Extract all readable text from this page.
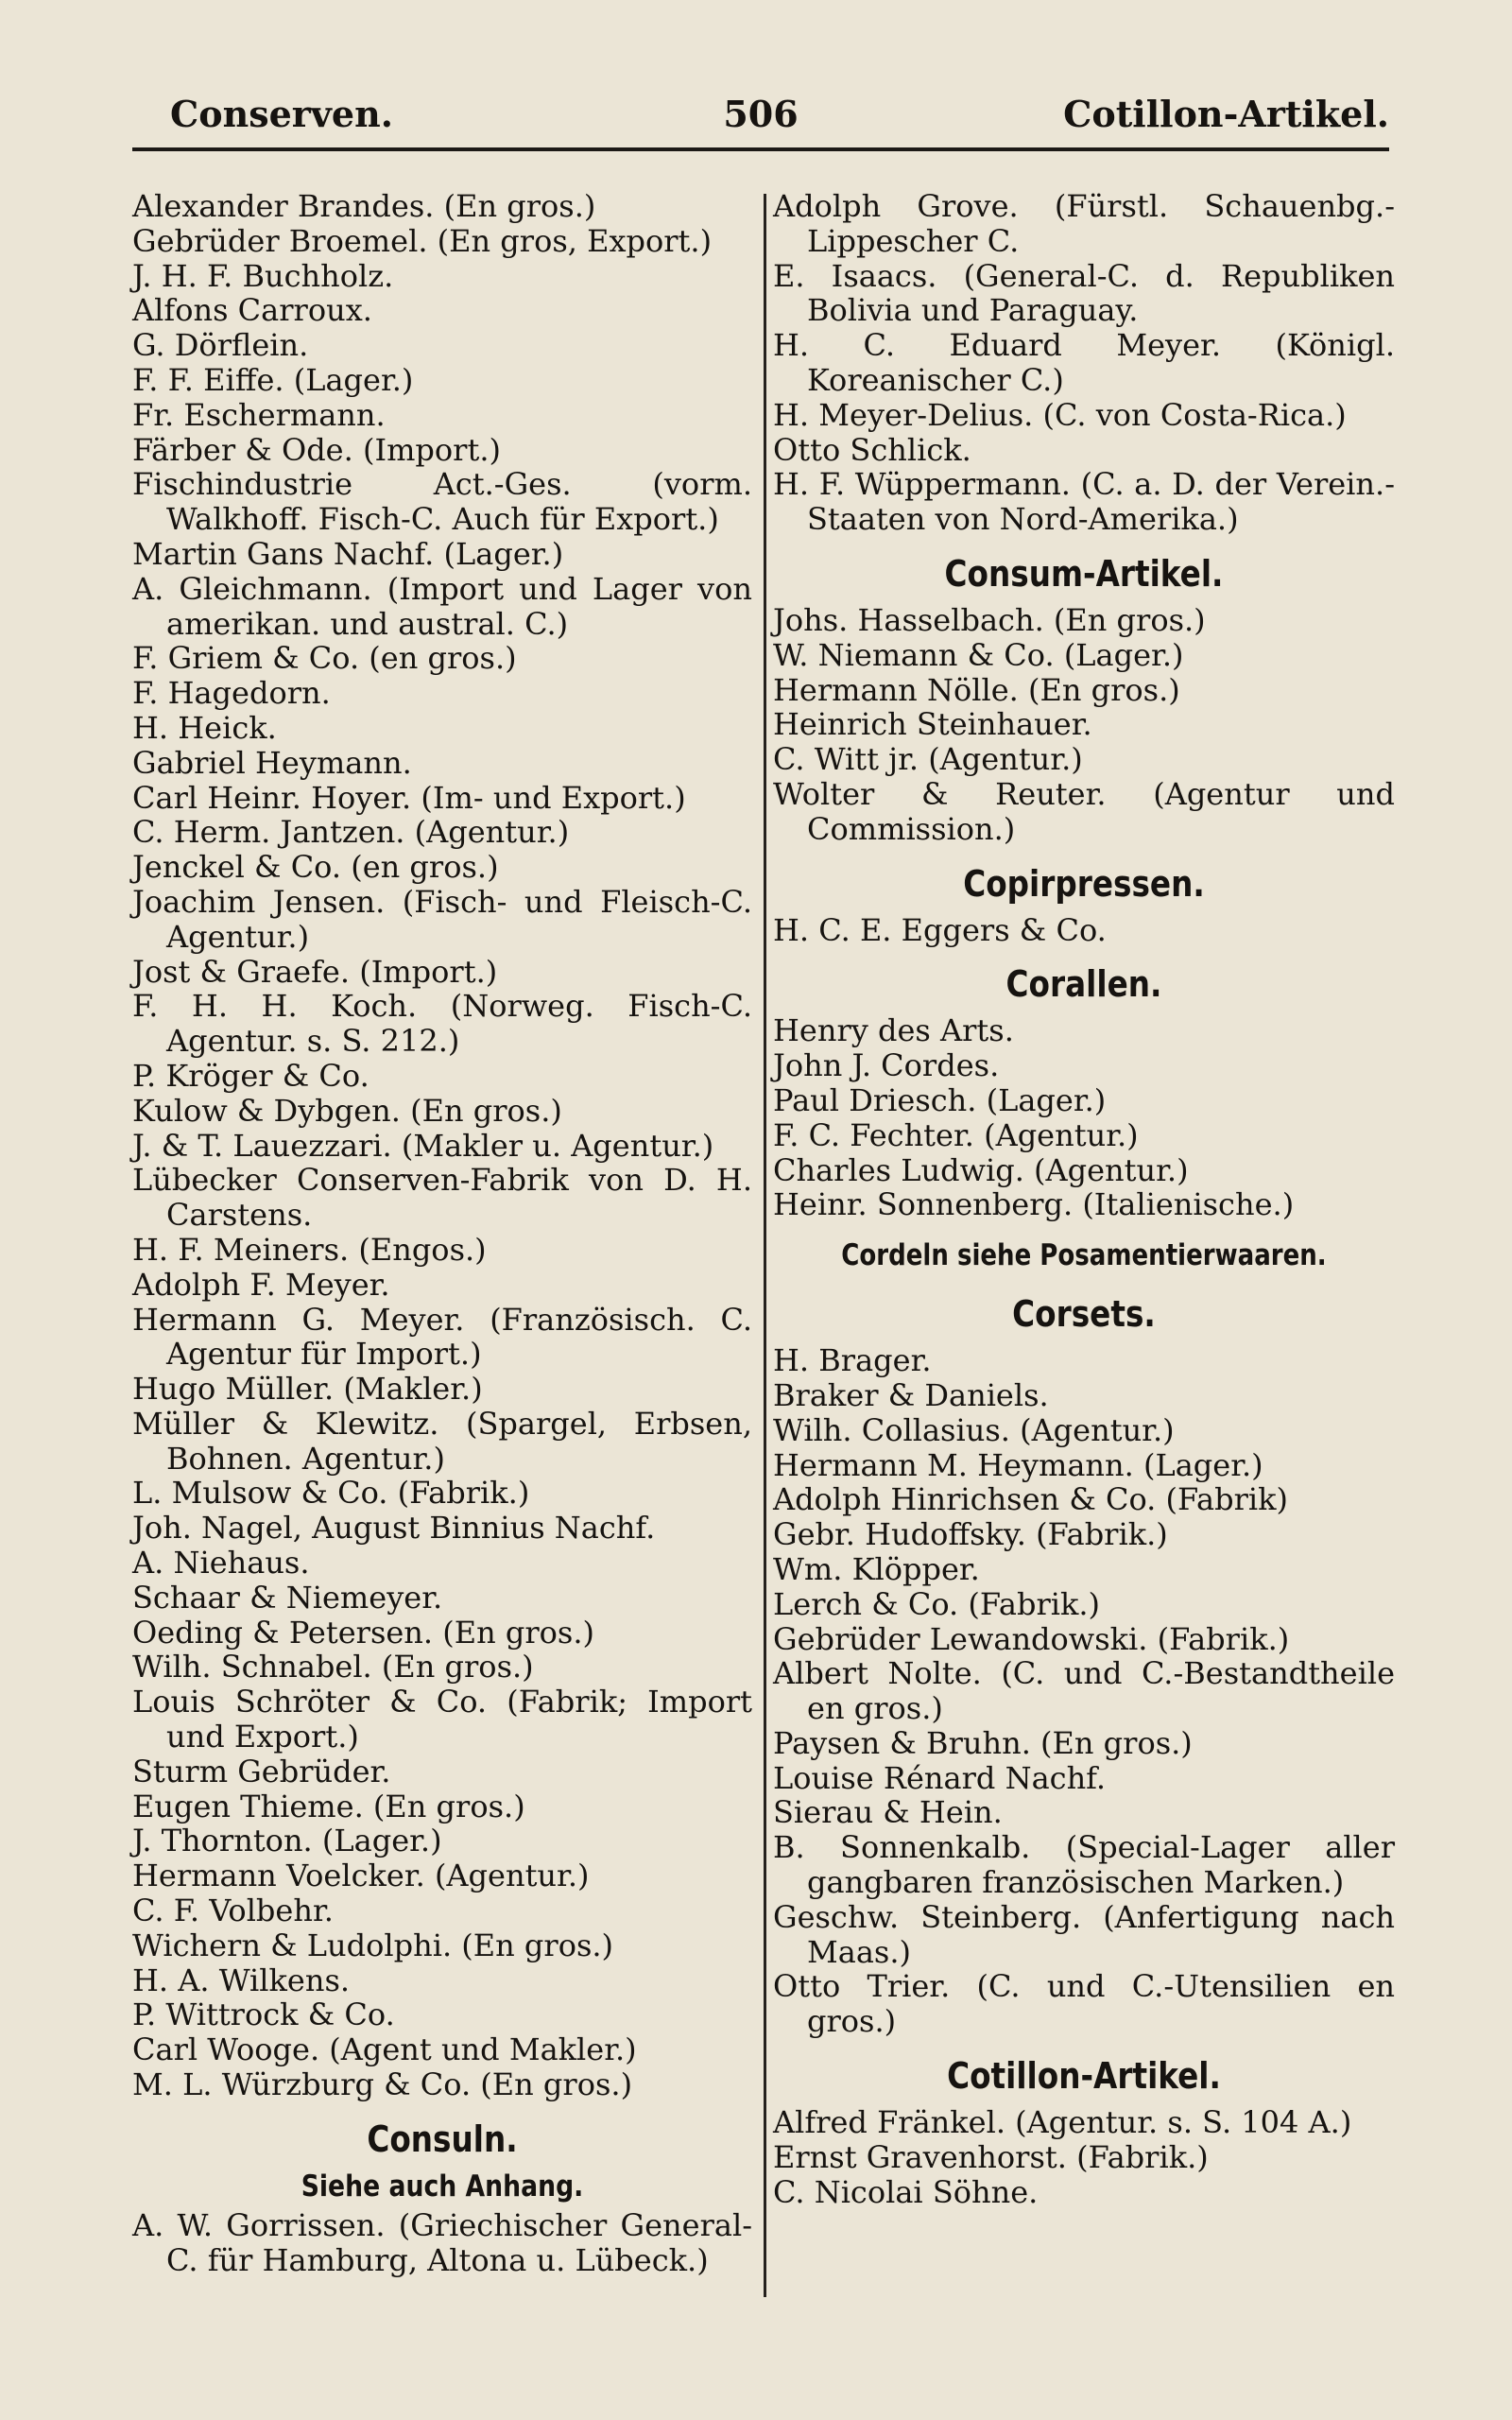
Conserven.	506	Cotillon-Artikel.
Alexander Brandes. (En gros.)
Gebrüder Broemel. (En gros, Export.)
J. H. F. Buchholz.
Alfons Carroux.
G. Dörflein.
F. F. Eiffe. (Lager.)
Fr. Eschermann.
Färber & Ode. (Import.)
Fischindustrie Act.-Ges. (vorm. Walkhoff. Fisch-C. Auch für Export.)
Martin Gans Nachf. (Lager.)
A. Gleichmann. (Import und Lager von amerikan. und austral. C.)
F. Griem & Co. (en gros.)
F. Hagedorn.
H. Heick.
Gabriel Heymann.
Carl Heinr. Hoyer. (Im- und Export.)
C. Herm. Jantzen. (Agentur.)
Jenckel & Co. (en gros.)
Joachim Jensen. (Fisch- und Fleisch-C. Agentur.)
Jost & Graefe. (Import.)
F. H. H. Koch. (Norweg. Fisch-C. Agentur. s. S. 212.)
P. Kröger & Co.
Kulow & Dybgen. (En gros.)
J. & T. Lauezzari. (Makler u. Agentur.)
Lübecker Conserven-Fabrik von D. H. Carstens.
H. F. Meiners. (Engos.)
Adolph F. Meyer.
Hermann G. Meyer. (Französisch. C. Agentur für Import.)
Hugo Müller. (Makler.)
Müller & Klewitz. (Spargel, Erbsen, Bohnen. Agentur.)
L. Mulsow & Co. (Fabrik.)
Joh. Nagel, August Binnius Nachf.
A. Niehaus.
Schaar & Niemeyer.
Oeding & Petersen. (En gros.)
Wilh. Schnabel. (En gros.)
Louis Schröter & Co. (Fabrik; Import und Export.)
Sturm Gebrüder.
Eugen Thieme. (En gros.)
J. Thornton. (Lager.)
Hermann Voelcker. (Agentur.)
C. F. Volbehr.
Wichern & Ludolphi. (En gros.)
H. A. Wilkens.
P. Wittrock & Co.
Carl Wooge. (Agent und Makler.)
M. L. Würzburg & Co. (En gros.)
Consuln.
Siehe auch Anhang.
A. W. Gorrissen. (Griechischer General-C. für Hamburg, Altona u. Lübeck.)
Adolph Grove. (Fürstl. Schauenbg.-Lippescher C.
E. Isaacs. (General-C. d. Republiken Bolivia und Paraguay.
H. C. Eduard Meyer. (Königl. Koreanischer C.)
H. Meyer-Delius. (C. von Costa-Rica.)
Otto Schlick.
H. F. Wüppermann. (C. a. D. der Verein.-Staaten von Nord-Amerika.)
Consum-Artikel.
Johs. Hasselbach. (En gros.)
W. Niemann & Co. (Lager.)
Hermann Nölle. (En gros.)
Heinrich Steinhauer.
C. Witt jr. (Agentur.)
Wolter & Reuter. (Agentur und Commission.)
Copirpressen.
H. C. E. Eggers & Co.
Corallen.
Henry des Arts.
John J. Cordes.
Paul Driesch. (Lager.)
F. C. Fechter. (Agentur.)
Charles Ludwig. (Agentur.)
Heinr. Sonnenberg. (Italienische.)
Cordeln siehe Posamentierwaaren.
Corsets.
H. Brager.
Braker & Daniels.
Wilh. Collasius. (Agentur.)
Hermann M. Heymann. (Lager.)
Adolph Hinrichsen & Co. (Fabrik)
Gebr. Hudoffsky. (Fabrik.)
Wm. Klöpper.
Lerch & Co. (Fabrik.)
Gebrüder Lewandowski. (Fabrik.)
Albert Nolte. (C. und C.-Bestandtheile en gros.)
Paysen & Bruhn. (En gros.)
Louise Rénard Nachf.
Sierau & Hein.
B. Sonnenkalb. (Special-Lager aller gangbaren französischen Marken.)
Geschw. Steinberg. (Anfertigung nach Maas.)
Otto Trier. (C. und C.-Utensilien en gros.)
Cotillon-Artikel.
Alfred Fränkel. (Agentur. s. S. 104 A.)
Ernst Gravenhorst. (Fabrik.)
C. Nicolai Söhne.
